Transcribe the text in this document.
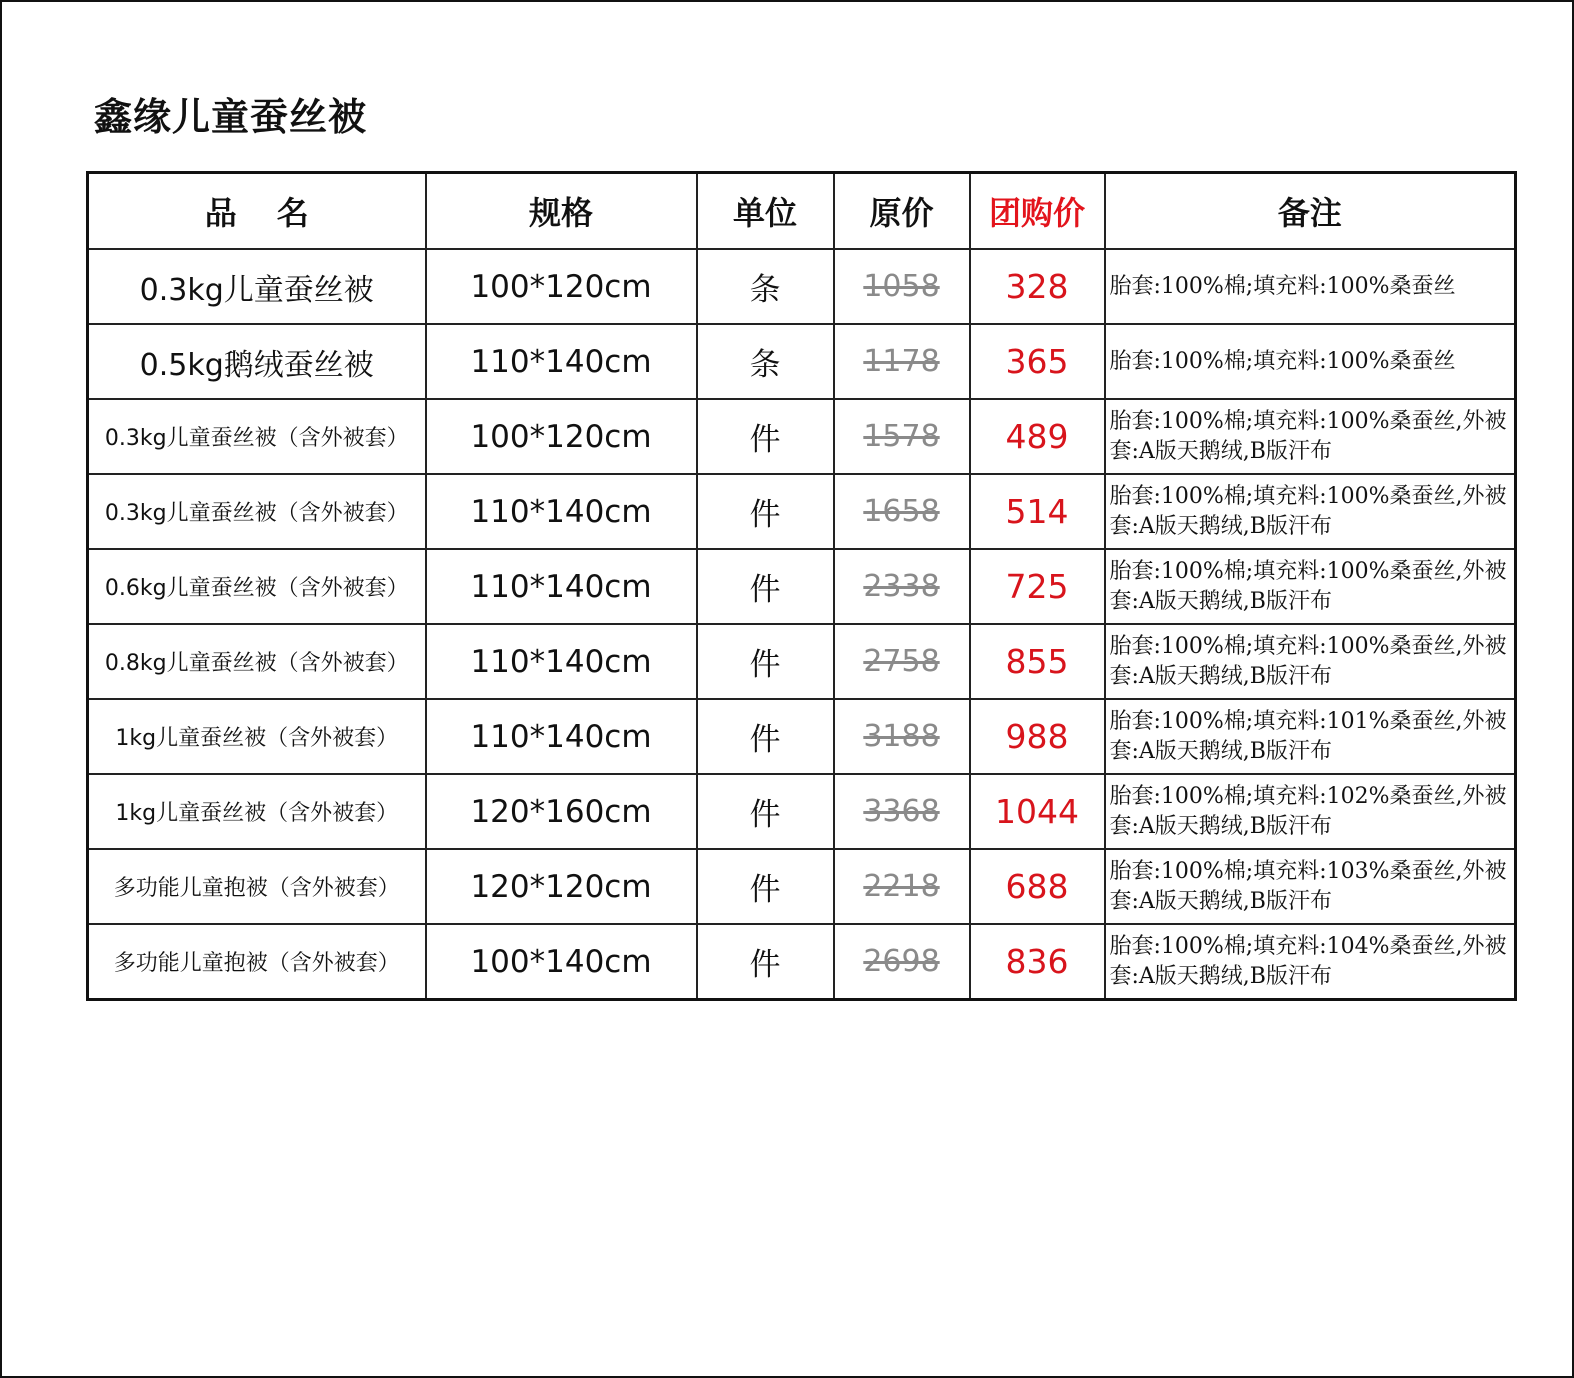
鑫缘儿童蚕丝被
品名	规格	单位	原价	团购价	备注
0.3kg儿童蚕丝被	100*120cm	条	1058	328	胎套:100%棉;填充料:100%桑蚕丝
0.5kg鹅绒蚕丝被	110*140cm	条	1178	365	胎套:100%棉;填充料:100%桑蚕丝
0.3kg儿童蚕丝被（含外被套）	100*120cm	件	1578	489	胎套:100%棉;填充料:100%桑蚕丝,外被套:A版天鹅绒,B版汗布
0.3kg儿童蚕丝被（含外被套）	110*140cm	件	1658	514	胎套:100%棉;填充料:100%桑蚕丝,外被套:A版天鹅绒,B版汗布
0.6kg儿童蚕丝被（含外被套）	110*140cm	件	2338	725	胎套:100%棉;填充料:100%桑蚕丝,外被套:A版天鹅绒,B版汗布
0.8kg儿童蚕丝被（含外被套）	110*140cm	件	2758	855	胎套:100%棉;填充料:100%桑蚕丝,外被套:A版天鹅绒,B版汗布
1kg儿童蚕丝被（含外被套）	110*140cm	件	3188	988	胎套:100%棉;填充料:101%桑蚕丝,外被套:A版天鹅绒,B版汗布
1kg儿童蚕丝被（含外被套）	120*160cm	件	3368	1044	胎套:100%棉;填充料:102%桑蚕丝,外被套:A版天鹅绒,B版汗布
多功能儿童抱被（含外被套）	120*120cm	件	2218	688	胎套:100%棉;填充料:103%桑蚕丝,外被套:A版天鹅绒,B版汗布
多功能儿童抱被（含外被套）	100*140cm	件	2698	836	胎套:100%棉;填充料:104%桑蚕丝,外被套:A版天鹅绒,B版汗布
